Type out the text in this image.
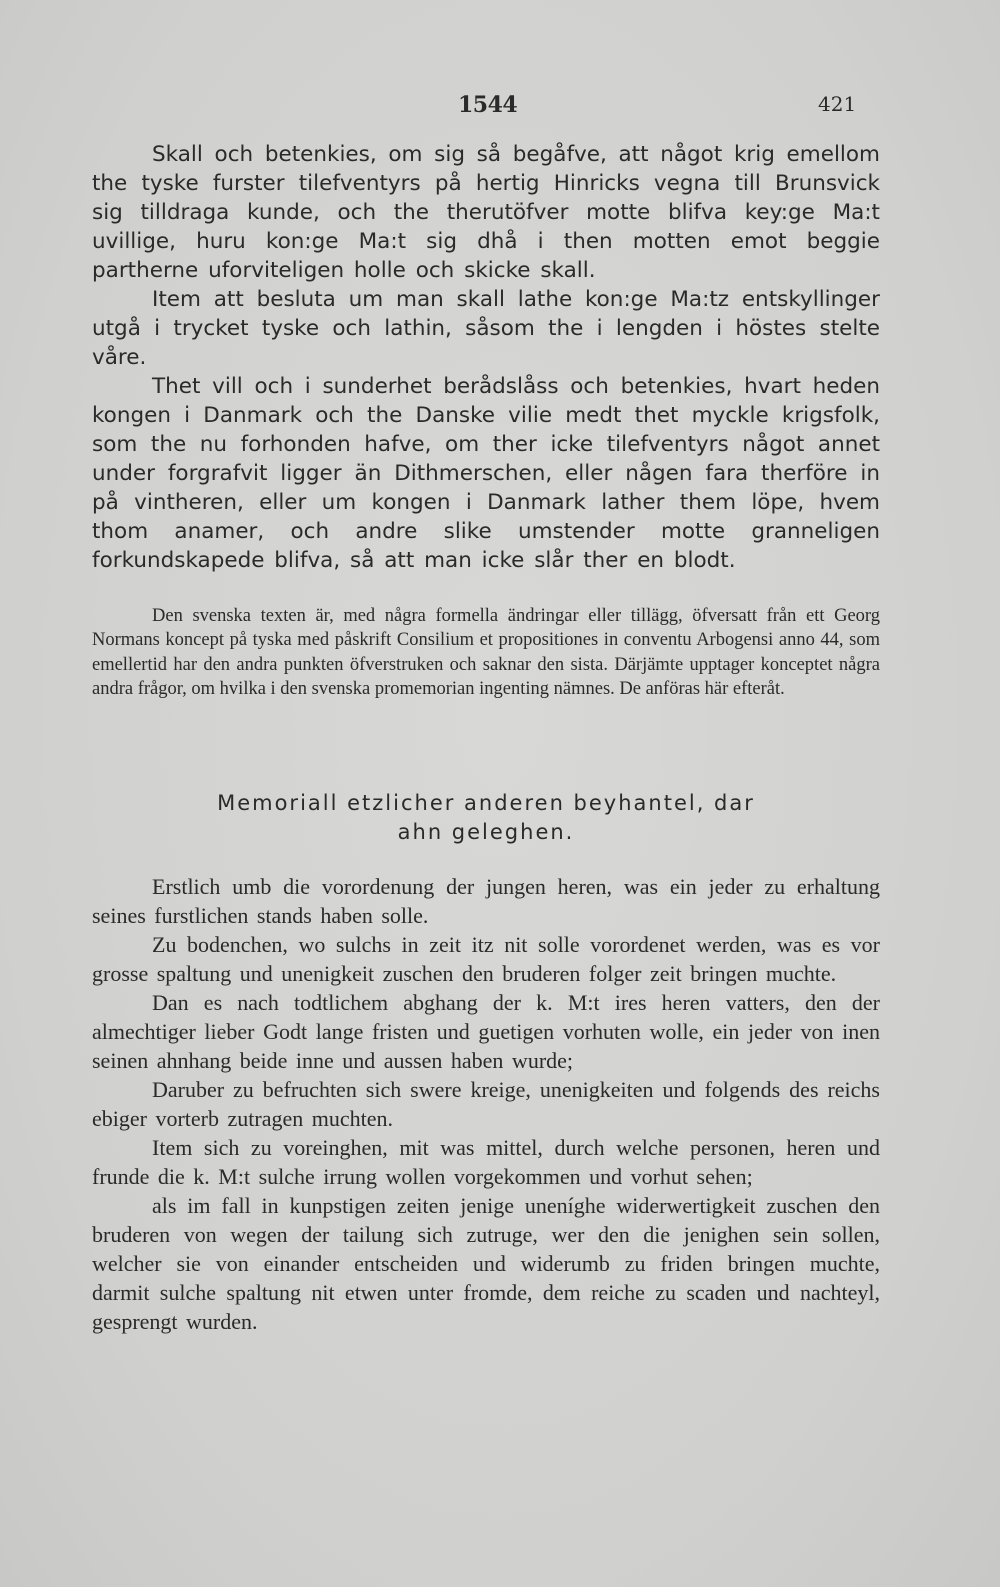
1544	421

Skall och betenkies, om sig så begåfve, att något krig emellom the tyske furster tilefventyrs på hertig Hinricks vegna till Brunsvick sig tilldraga kunde, och the therutöfver motte blifva key:ge Ma:t uvillige, huru kon:ge Ma:t sig dhå i then motten emot beggie partherne uforviteligen holle och skicke skall.

Item att besluta um man skall lathe kon:ge Ma:tz entskyllinger utgå i trycket tyske och lathin, såsom the i lengden i höstes stelte våre.

Thet vill och i sunderhet berådslåss och betenkies, hvart heden kongen i Danmark och the Danske vilie medt thet myckle krigsfolk, som the nu forhonden hafve, om ther icke tilefventyrs något annet under forgrafvit ligger än Dithmerschen, eller någen fara therföre in på vintheren, eller um kongen i Danmark lather them löpe, hvem thom anamer, och andre slike umstender motte granneligen forkundskapede blifva, så att man icke slår ther en blodt.

Den svenska texten är, med några formella ändringar eller tillägg, öfversatt från ett Georg Normans koncept på tyska med påskrift Consilium et propositiones in conventu Arbogensi anno 44, som emellertid har den andra punkten öfverstruken och saknar den sista. Därjämte upptager konceptet några andra frågor, om hvilka i den svenska promemorian ingenting nämnes. De anföras här efteråt.

Memoriall etzlicher anderen beyhantel, dar
ahn geleghen.

Erstlich umb die vorordenung der jungen heren, was ein jeder zu erhaltung seines furstlichen stands haben solle.

Zu bodenchen, wo sulchs in zeit itz nit solle vorordenet werden, was es vor grosse spaltung und unenigkeit zuschen den bruderen folger zeit bringen muchte.

Dan es nach todtlichem abghang der k. M:t ires heren vatters, den der almechtiger lieber Godt lange fristen und guetigen vorhuten wolle, ein jeder von inen seinen ahnhang beide inne und aussen haben wurde;

Daruber zu befruchten sich swere kreige, unenigkeiten und folgends des reichs ebiger vorterb zutragen muchten.

Item sich zu voreinghen, mit was mittel, durch welche personen, heren und frunde die k. M:t sulche irrung wollen vorgekommen und vorhut sehen;

als im fall in kunpstigen zeiten jenige uneníghe widerwertigkeit zuschen den bruderen von wegen der tailung sich zutruge, wer den die jenighen sein sollen, welcher sie von einander entscheiden und widerumb zu friden bringen muchte, darmit sulche spaltung nit etwen unter fromde, dem reiche zu scaden und nachteyl, gesprengt wurden.
